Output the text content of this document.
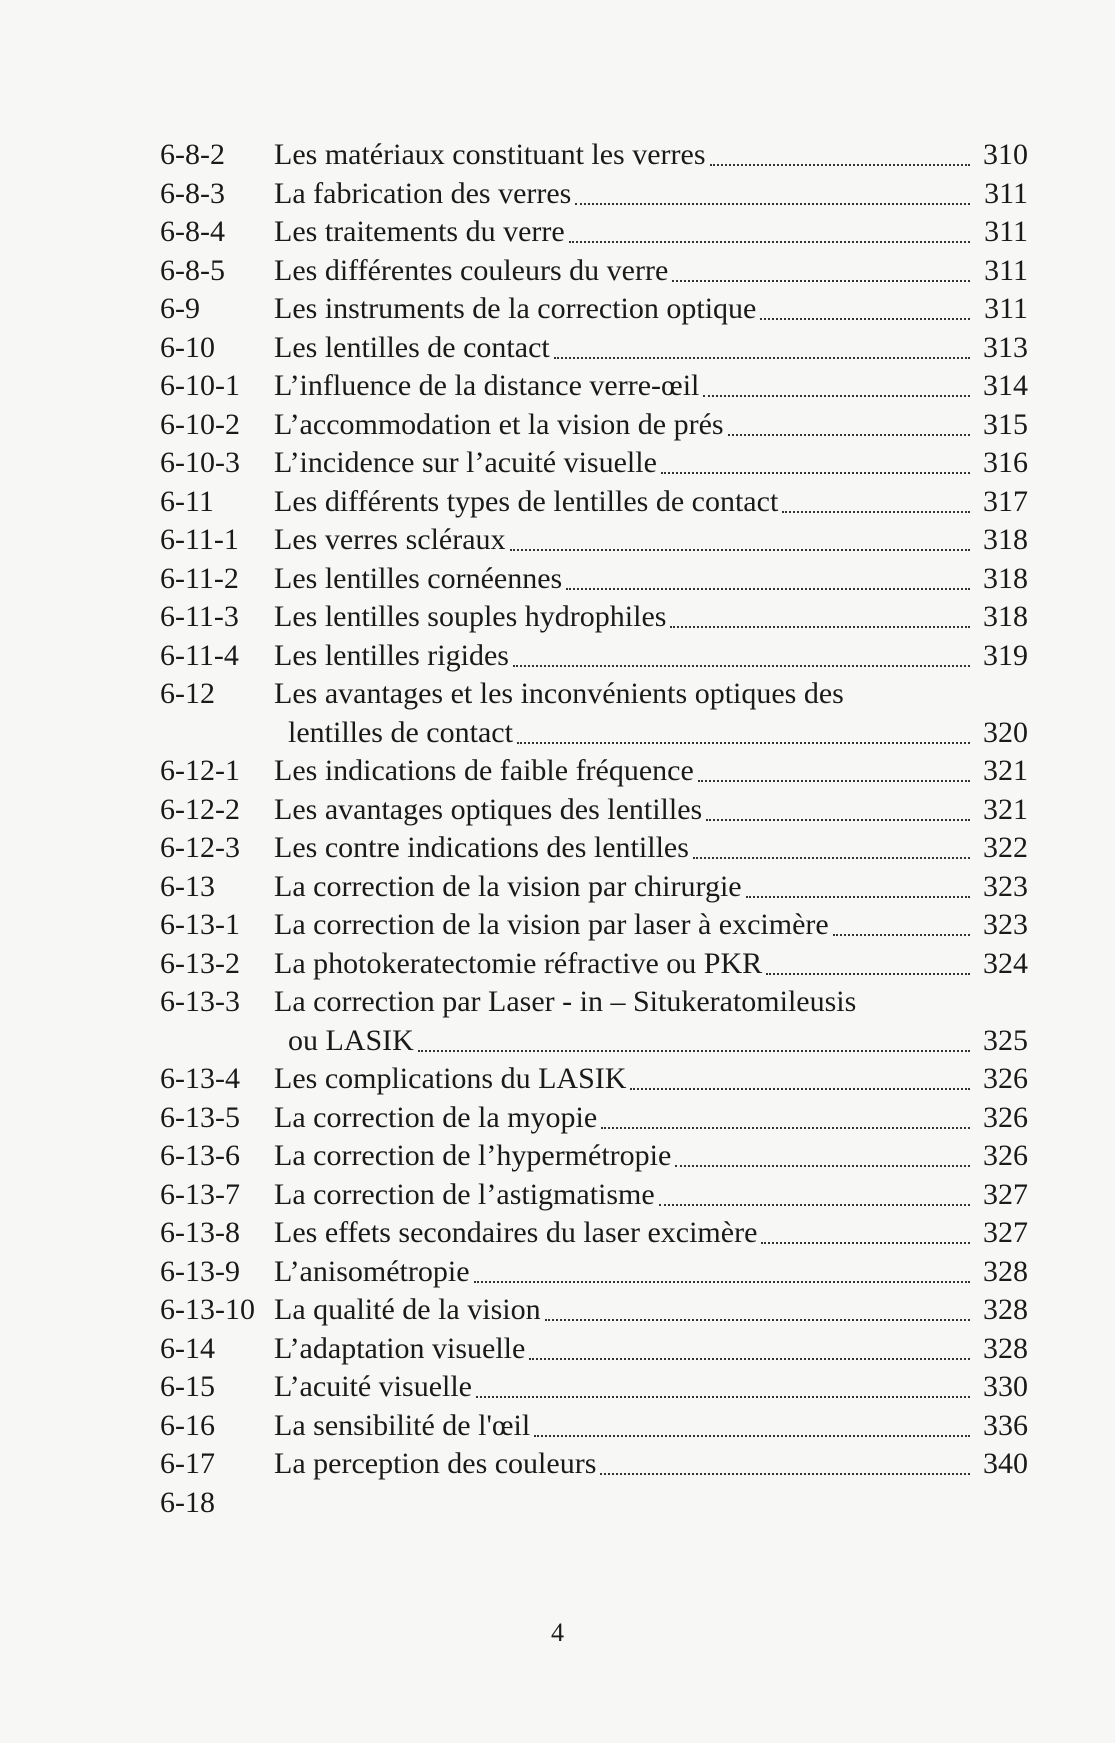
6-8-2	Les matériaux constituant les verres	310
6-8-3	La fabrication des verres	311
6-8-4	Les traitements du verre	311
6-8-5	Les différentes couleurs du verre	311
6-9	Les instruments de la correction optique	311
6-10	Les lentilles de contact	313
6-10-1	L’influence de la distance verre-œil	314
6-10-2	L’accommodation et la vision de prés	315
6-10-3	L’incidence sur l’acuité visuelle	316
6-11	Les différents types de lentilles de contact	317
6-11-1	Les verres scléraux	318
6-11-2	Les lentilles cornéennes	318
6-11-3	Les lentilles souples hydrophiles	318
6-11-4	Les lentilles rigides	319
6-12	Les avantages et les inconvénients optiques des
lentilles de contact	320
6-12-1	Les indications de faible fréquence	321
6-12-2	Les avantages optiques des lentilles	321
6-12-3	Les contre indications des lentilles	322
6-13	La correction de la vision par chirurgie	323
6-13-1	La correction de la vision par laser à excimère	323
6-13-2	La photokeratectomie réfractive ou PKR	324
6-13-3	La correction par Laser - in – Situkeratomileusis
ou LASIK	325
6-13-4	Les complications du LASIK	326
6-13-5	La correction de la myopie	326
6-13-6	La correction de l’hypermétropie	326
6-13-7	La correction de l’astigmatisme	327
6-13-8	Les effets secondaires du laser excimère	327
6-13-9	L’anisométropie	328
6-13-10 La qualité de la vision	328
6-14	L’adaptation visuelle	328
6-15	L’acuité visuelle	330
6-16	La sensibilité de l'œil	336
6-17	La perception des couleurs	340
6-18
4
